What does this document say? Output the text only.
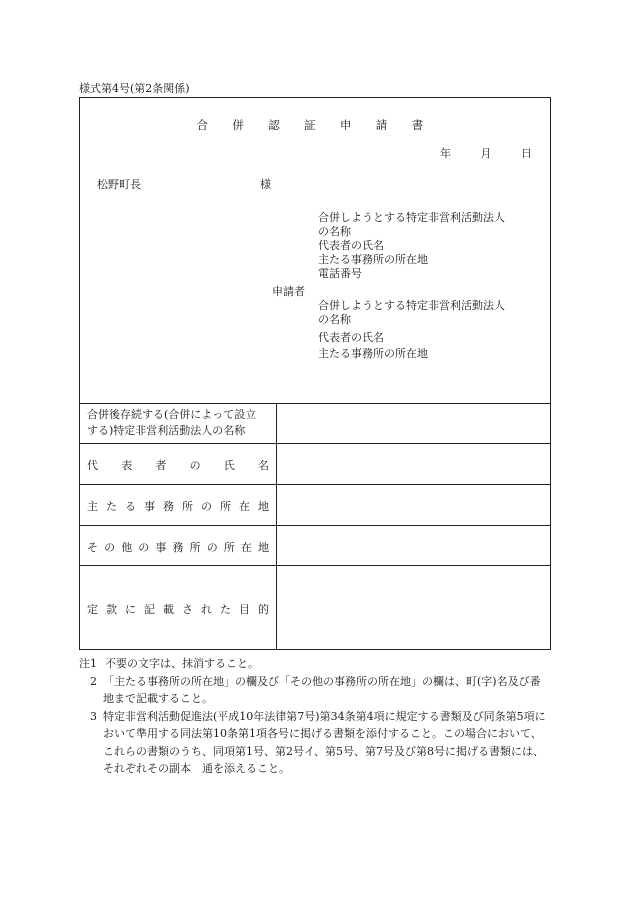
様式第4号(第2条関係)
合 併 認 証 申 請 書
年	月	日
松野町長	様
申請者
合併しようとする特定非営利活動法人
の名称
代表者の氏名
主たる事務所の所在地
電話番号
合併しようとする特定非営利活動法人
の名称
代表者の氏名
主たる事務所の所在地
合併後存続する(合併によって設立
する)特定非営利活動法人の名称
代表者の氏名
主たる事務所の所在地
その他の事務所の所在地
定款に記載された目的
注1 不要の文字は、抹消すること。
2 「主たる事務所の所在地」の欄及び「その他の事務所の所在地」の欄は、町(字)名及び番地まで記載すること。
3 特定非営利活動促進法(平成10年法律第7号)第34条第4項に規定する書類及び同条第5項において準用する同法第10条第1項各号に掲げる書類を添付すること。この場合において、これらの書類のうち、同項第1号、第2号イ、第5号、第7号及び第8号に掲げる書類には、それぞれその副本　通を添えること。
